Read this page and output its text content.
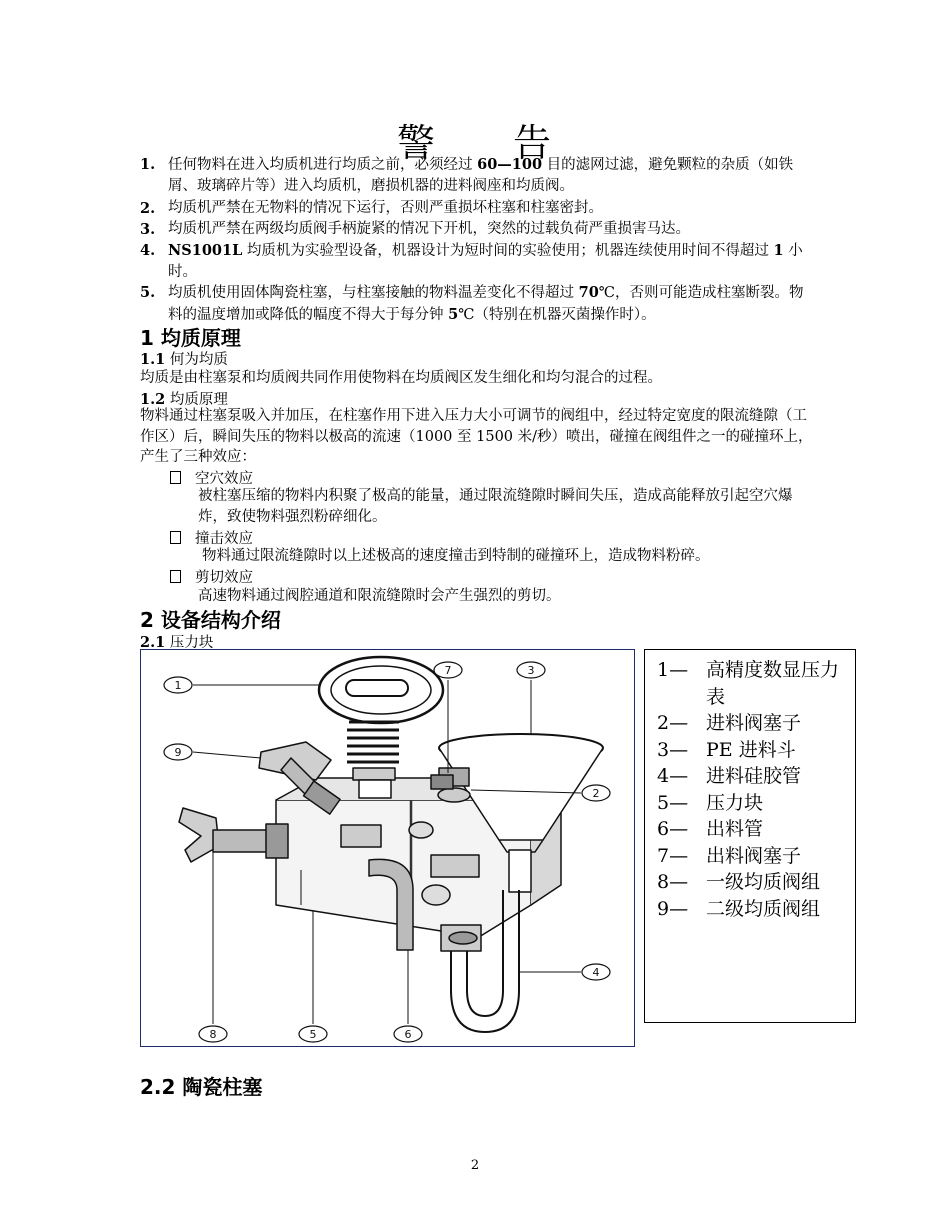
警 告
1. 任何物料在进入均质机进行均质之前，必须经过 60—100 目的滤网过滤，避免颗粒的杂质（如铁屑、玻璃碎片等）进入均质机，磨损机器的进料阀座和均质阀。
2. 均质机严禁在无物料的情况下运行，否则严重损坏柱塞和柱塞密封。
3. 均质机严禁在两级均质阀手柄旋紧的情况下开机，突然的过载负荷严重损害马达。
4. NS1001L 均质机为实验型设备，机器设计为短时间的实验使用；机器连续使用时间不得超过 1 小时。
5. 均质机使用固体陶瓷柱塞，与柱塞接触的物料温差变化不得超过 70℃，否则可能造成柱塞断裂。物料的温度增加或降低的幅度不得大于每分钟 5℃（特别在机器灭菌操作时）。
1 均质原理
1.1 何为均质
均质是由柱塞泵和均质阀共同作用使物料在均质阀区发生细化和均匀混合的过程。
1.2 均质原理
物料通过柱塞泵吸入并加压，在柱塞作用下进入压力大小可调节的阀组中，经过特定宽度的限流缝隙（工作区）后，瞬间失压的物料以极高的流速（1000 至 1500 米/秒）喷出，碰撞在阀组件之一的碰撞环上，产生了三种效应：
空穴效应
被柱塞压缩的物料内积聚了极高的能量，通过限流缝隙时瞬间失压，造成高能释放引起空穴爆炸，致使物料强烈粉碎细化。
撞击效应
物料通过限流缝隙时以上述极高的速度撞击到特制的碰撞环上，造成物料粉碎。
剪切效应
高速物料通过阀腔通道和限流缝隙时会产生强烈的剪切。
2 设备结构介绍
2.1 压力块
1
2
3
4
5	6
7
8
9
1— 高精度数显压力表
2— 进料阀塞子
3— PE 进料斗
4— 进料硅胶管
5— 压力块
6— 出料管
7— 出料阀塞子
8— 一级均质阀组
9— 二级均质阀组
2.2 陶瓷柱塞
2
